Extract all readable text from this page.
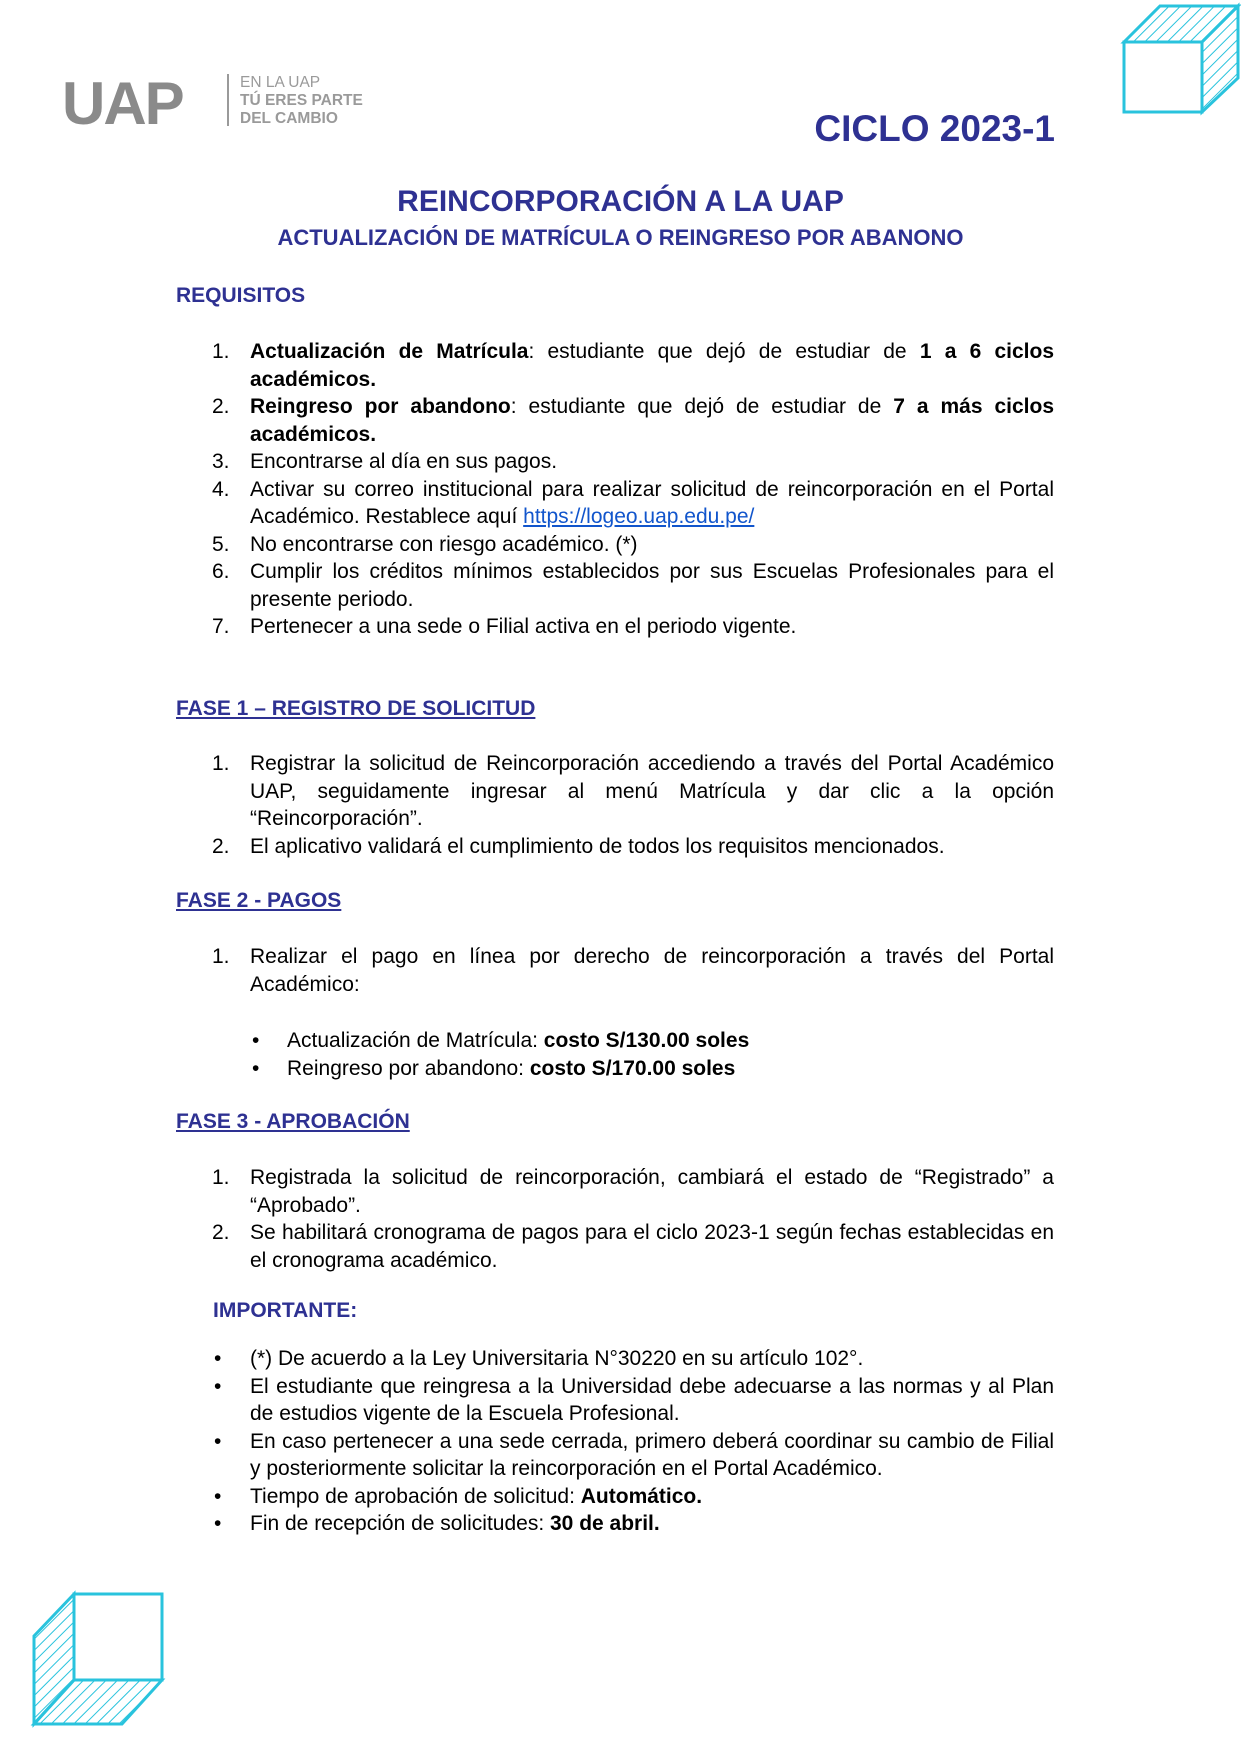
UAP	EN LA UAP
TÚ ERES PARTE
DEL CAMBIO	CICLO 2023-1
REINCORPORACIÓN A LA UAP
ACTUALIZACIÓN DE MATRÍCULA O REINGRESO POR ABANONO
REQUISITOS
1. Actualización de Matrícula: estudiante que dejó de estudiar de 1 a 6 ciclos académicos.
2. Reingreso por abandono: estudiante que dejó de estudiar de 7 a más ciclos académicos.
3. Encontrarse al día en sus pagos.
4. Activar su correo institucional para realizar solicitud de reincorporación en el Portal Académico. Restablece aquí https://logeo.uap.edu.pe/
5. No encontrarse con riesgo académico. (*)
6. Cumplir los créditos mínimos establecidos por sus Escuelas Profesionales para el presente periodo.
7. Pertenecer a una sede o Filial activa en el periodo vigente.
FASE 1 – REGISTRO DE SOLICITUD
1. Registrar la solicitud de Reincorporación accediendo a través del Portal Académico UAP, seguidamente ingresar al menú Matrícula y dar clic a la opción “Reincorporación”.
2. El aplicativo validará el cumplimiento de todos los requisitos mencionados.
FASE 2 - PAGOS
1. Realizar el pago en línea por derecho de reincorporación a través del Portal Académico:
• Actualización de Matrícula: costo S/130.00 soles
• Reingreso por abandono: costo S/170.00 soles
FASE 3 - APROBACIÓN
1. Registrada la solicitud de reincorporación, cambiará el estado de “Registrado” a “Aprobado”.
2. Se habilitará cronograma de pagos para el ciclo 2023-1 según fechas establecidas en el cronograma académico.
IMPORTANTE:
• (*) De acuerdo a la Ley Universitaria N°30220 en su artículo 102°.
• El estudiante que reingresa a la Universidad debe adecuarse a las normas y al Plan de estudios vigente de la Escuela Profesional.
• En caso pertenecer a una sede cerrada, primero deberá coordinar su cambio de Filial y posteriormente solicitar la reincorporación en el Portal Académico.
• Tiempo de aprobación de solicitud: Automático.
• Fin de recepción de solicitudes: 30 de abril.
